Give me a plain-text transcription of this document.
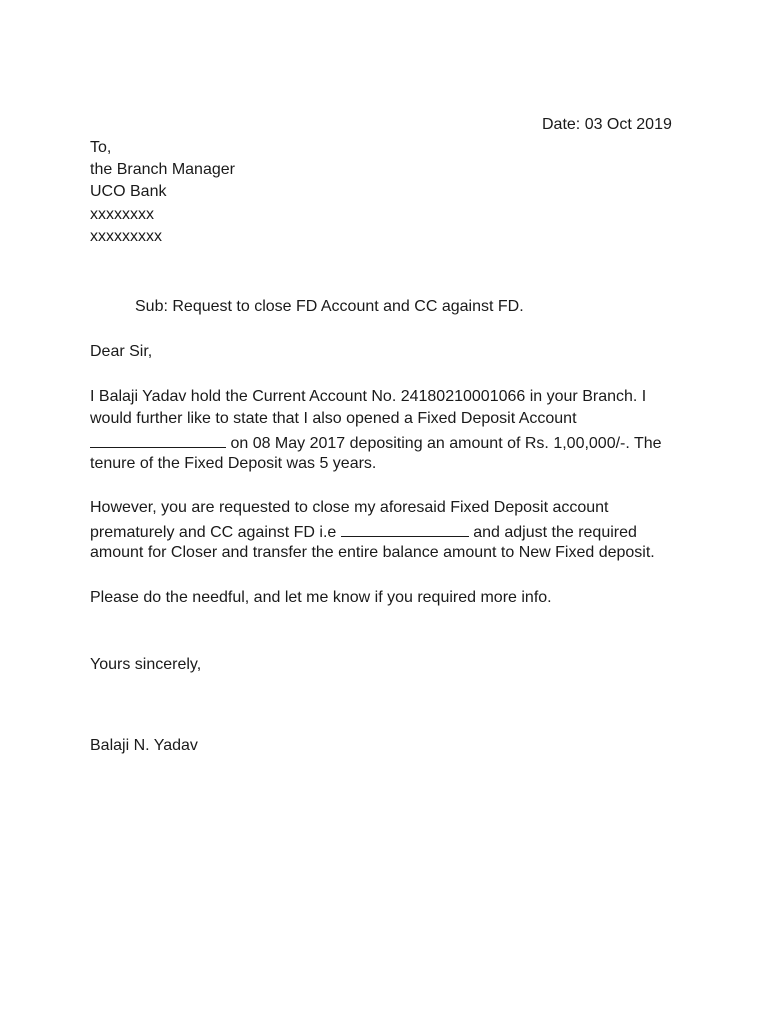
Date: 03 Oct 2019
To,
the Branch Manager
UCO Bank
xxxxxxxx
xxxxxxxxx
Sub: Request to close FD Account and CC against FD.
Dear Sir,
I Balaji Yadav hold the Current Account No. 24180210001066 in your Branch. I
would further like to state that I also opened a Fixed Deposit Account
on 08 May 2017 depositing an amount of Rs. 1,00,000/-. The
tenure of the Fixed Deposit was 5 years.
However, you are requested to close my aforesaid Fixed Deposit account
prematurely and CC against FD i.e	and adjust the required
amount for Closer and transfer the entire balance amount to New Fixed deposit.
Please do the needful, and let me know if you required more info.
Yours sincerely,
Balaji N. Yadav
